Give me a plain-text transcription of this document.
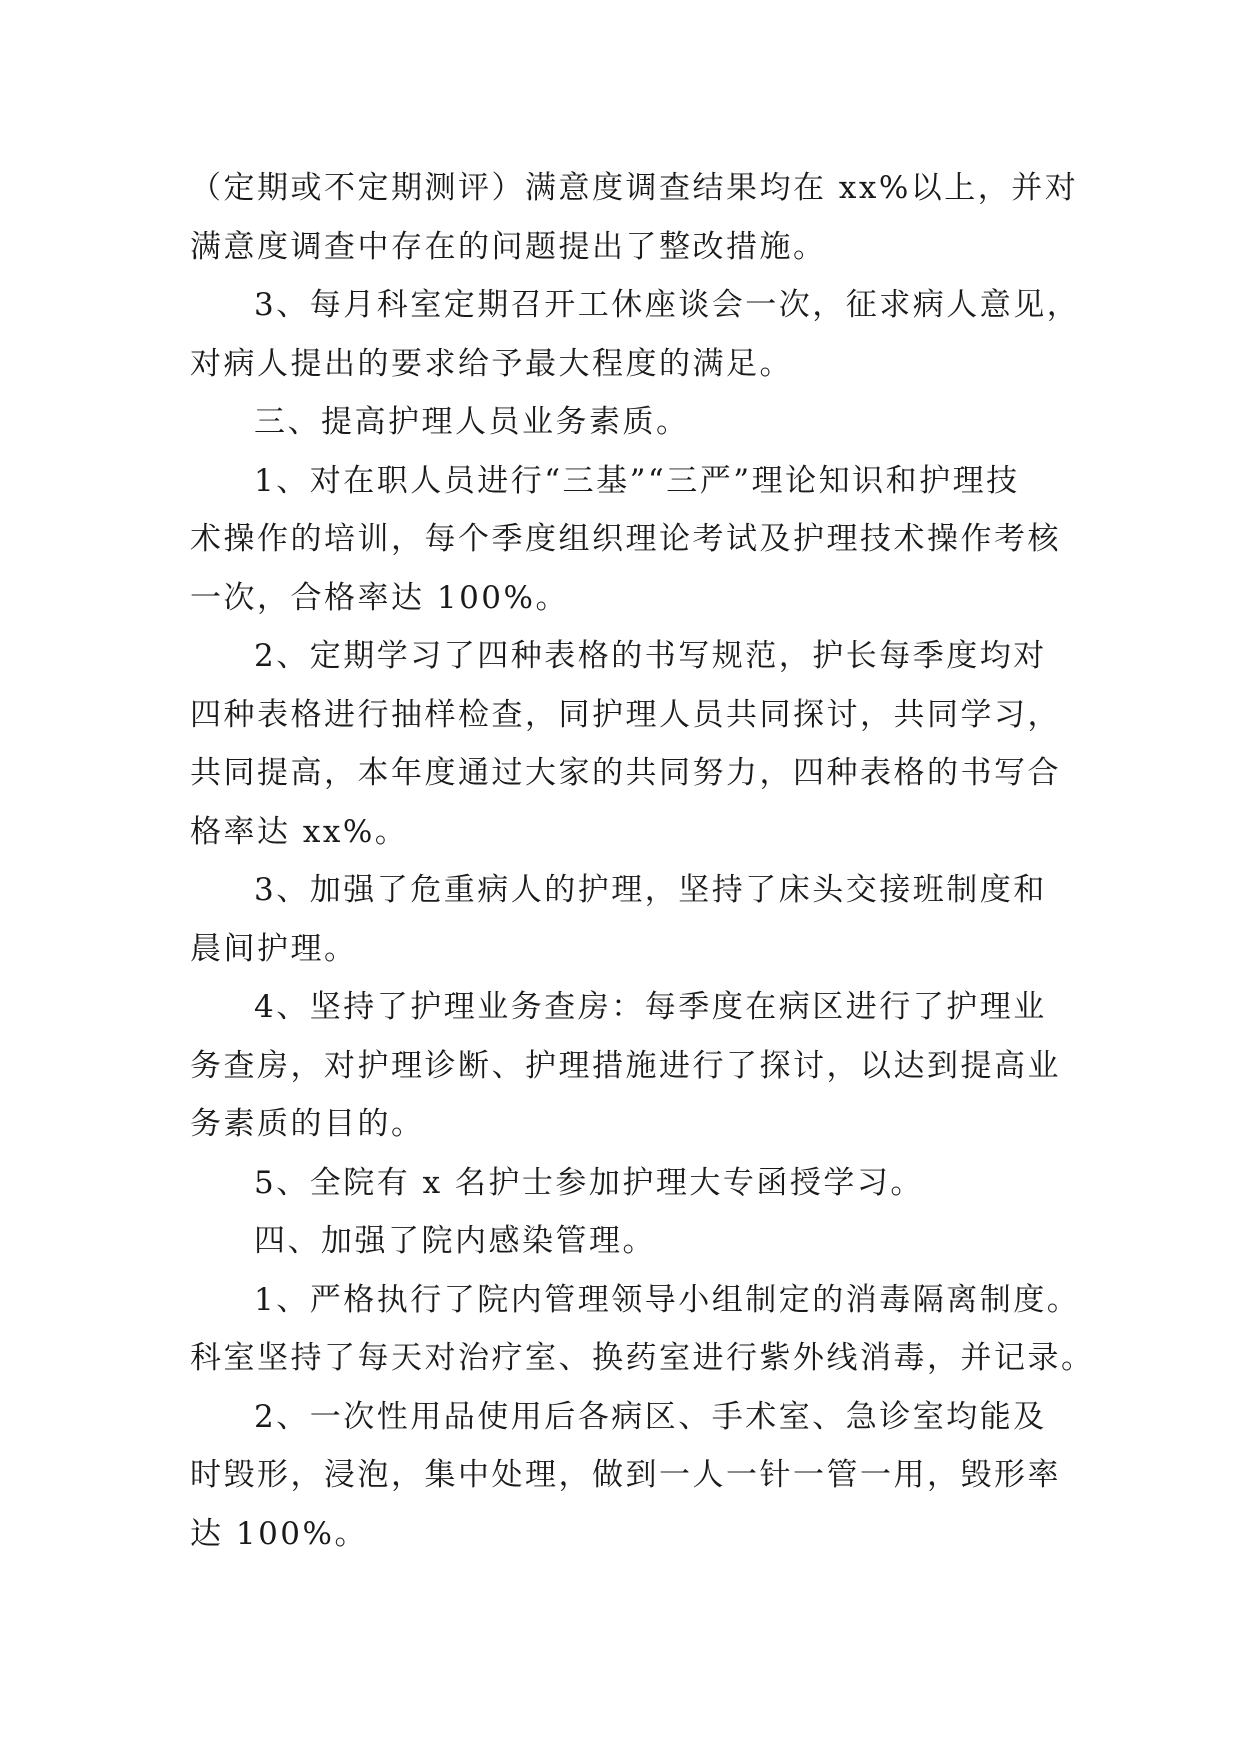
（定期或不定期测评）满意度调查结果均在 xx%以上，并对
满意度调查中存在的问题提出了整改措施。
3、每月科室定期召开工休座谈会一次，征求病人意见，
对病人提出的要求给予最大程度的满足。
三、提高护理人员业务素质。
1、对在职人员进行“三基”“三严”理论知识和护理技
术操作的培训，每个季度组织理论考试及护理技术操作考核
一次，合格率达 100%。
2、定期学习了四种表格的书写规范，护长每季度均对
四种表格进行抽样检查，同护理人员共同探讨，共同学习，
共同提高，本年度通过大家的共同努力，四种表格的书写合
格率达 xx%。
3、加强了危重病人的护理，坚持了床头交接班制度和
晨间护理。
4、坚持了护理业务查房：每季度在病区进行了护理业
务查房，对护理诊断、护理措施进行了探讨，以达到提高业
务素质的目的。
5、全院有 x 名护士参加护理大专函授学习。
四、加强了院内感染管理。
1、严格执行了院内管理领导小组制定的消毒隔离制度。
科室坚持了每天对治疗室、换药室进行紫外线消毒，并记录。
2、一次性用品使用后各病区、手术室、急诊室均能及
时毁形，浸泡，集中处理，做到一人一针一管一用，毁形率
达 100%。
